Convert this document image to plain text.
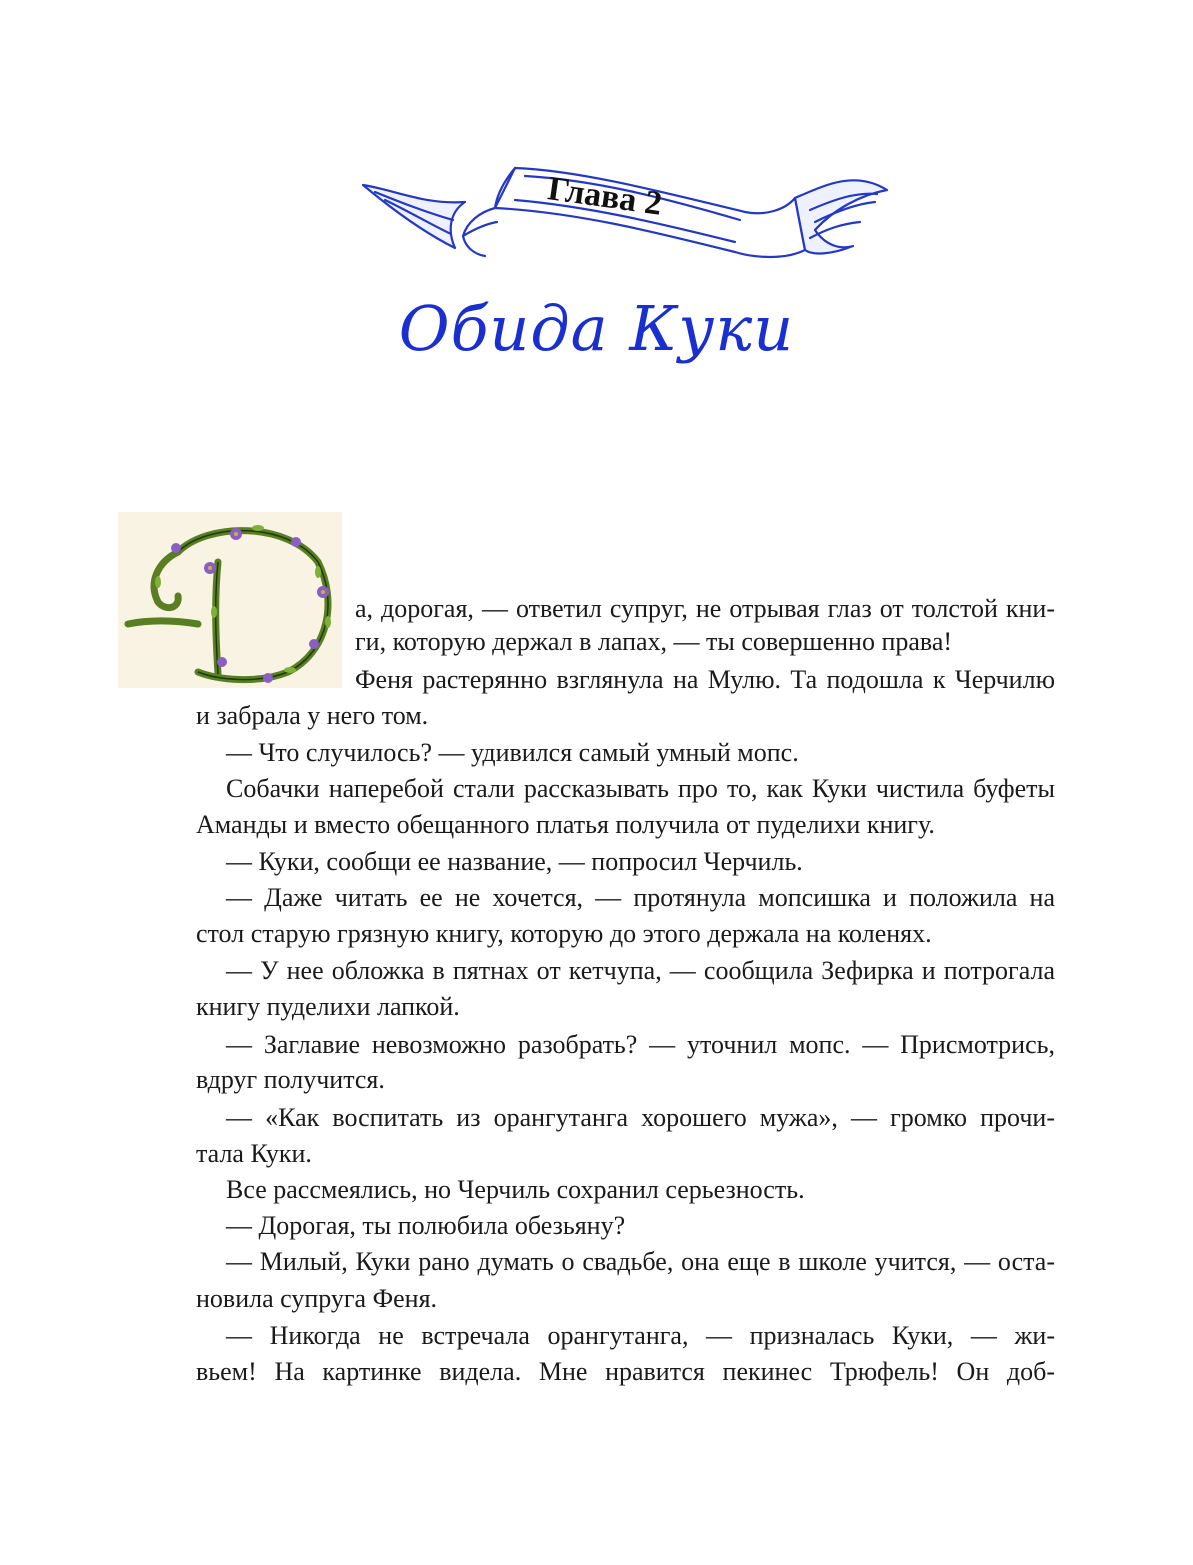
Глава 2
Обида Куки
а, дорогая, — ответил супруг, не отрывая глаз от толстой кни-
ги, которую держал в лапах, — ты совершенно права!
Феня растерянно взглянула на Мулю. Та подошла к Черчилю
и забрала у него том.
— Что случилось? — удивился самый умный мопс.
Собачки наперебой стали рассказывать про то, как Куки чистила буфеты
Аманды и вместо обещанного платья получила от пуделихи книгу.
— Куки, сообщи ее название, — попросил Черчиль.
— Даже читать ее не хочется, — протянула мопсишка и положила на
стол старую грязную книгу, которую до этого держала на коленях.
— У нее обложка в пятнах от кетчупа, — сообщила Зефирка и потрогала
книгу пуделихи лапкой.
— Заглавие невозможно разобрать? — уточнил мопс. — Присмотрись,
вдруг получится.
— «Как воспитать из орангутанга хорошего мужа», — громко прочи-
тала Куки.
Все рассмеялись, но Черчиль сохранил серьезность.
— Дорогая, ты полюбила обезьяну?
— Милый, Куки рано думать о свадьбе, она еще в школе учится, — оста-
новила супруга Феня.
— Никогда не встречала орангутанга, — призналась Куки, — жи-
вьем! На картинке видела. Мне нравится пекинес Трюфель! Он доб-
